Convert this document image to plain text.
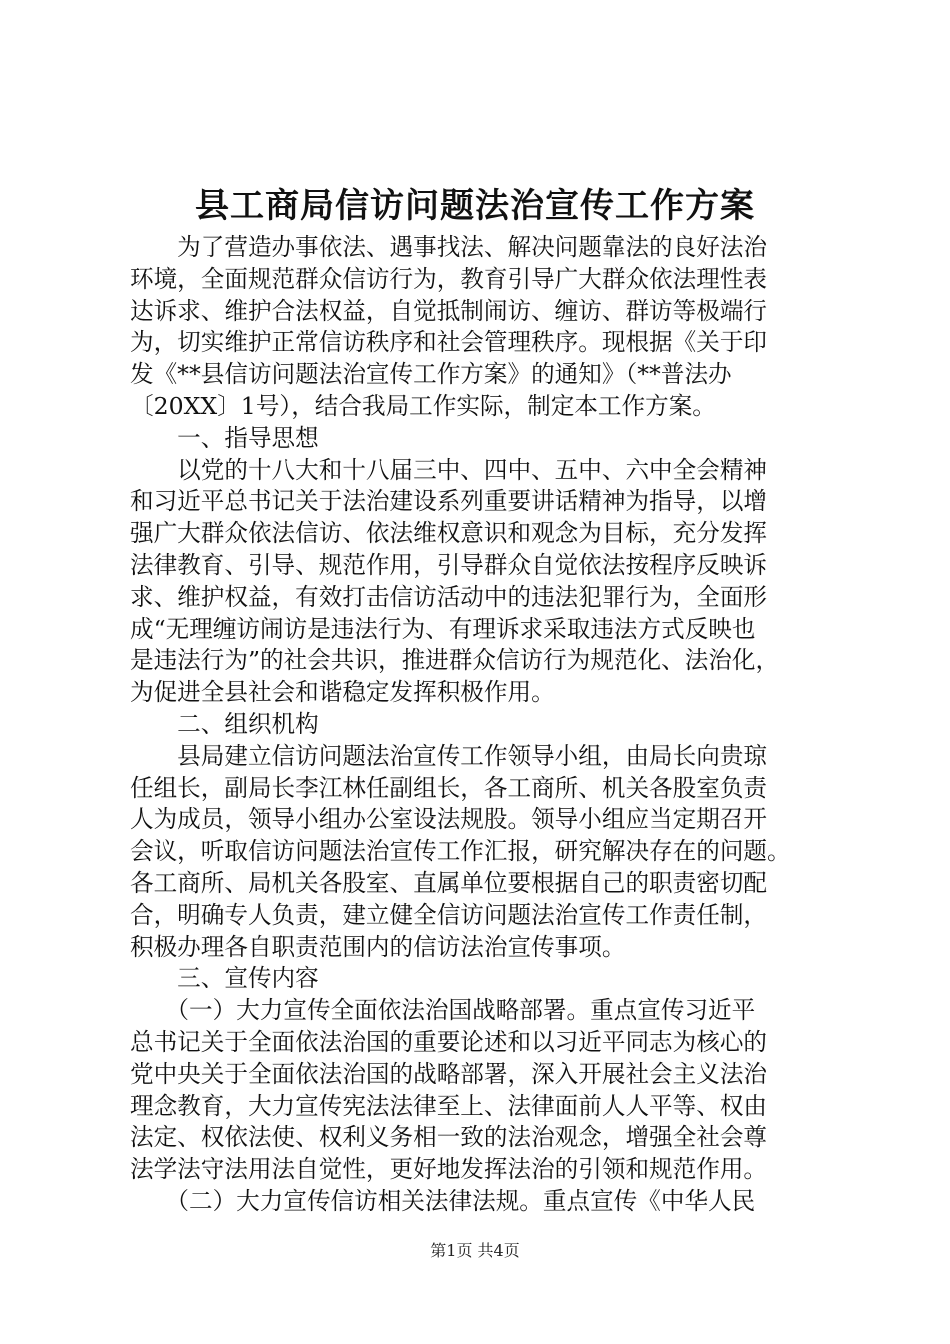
县工商局信访问题法治宣传工作方案
　　为了营造办事依法、遇事找法、解决问题靠法的良好法治
环境，全面规范群众信访行为，教育引导广大群众依法理性表
达诉求、维护合法权益，自觉抵制闹访、缠访、群访等极端行
为，切实维护正常信访秩序和社会管理秩序。现根据《关于印
发《**县信访问题法治宣传工作方案》的通知》（**普法办
〔20XX〕1号），结合我局工作实际，制定本工作方案。
　　一、指导思想
　　以党的十八大和十八届三中、四中、五中、六中全会精神
和习近平总书记关于法治建设系列重要讲话精神为指导，以增
强广大群众依法信访、依法维权意识和观念为目标，充分发挥
法律教育、引导、规范作用，引导群众自觉依法按程序反映诉
求、维护权益，有效打击信访活动中的违法犯罪行为，全面形
成“无理缠访闹访是违法行为、有理诉求采取违法方式反映也
是违法行为”的社会共识，推进群众信访行为规范化、法治化，
为促进全县社会和谐稳定发挥积极作用。
　　二、组织机构
　　县局建立信访问题法治宣传工作领导小组，由局长向贵琼
任组长，副局长李江林任副组长，各工商所、机关各股室负责
人为成员，领导小组办公室设法规股。领导小组应当定期召开
会议，听取信访问题法治宣传工作汇报，研究解决存在的问题。
各工商所、局机关各股室、直属单位要根据自己的职责密切配
合，明确专人负责，建立健全信访问题法治宣传工作责任制，
积极办理各自职责范围内的信访法治宣传事项。
　　三、宣传内容
　　（一）大力宣传全面依法治国战略部署。重点宣传习近平
总书记关于全面依法治国的重要论述和以习近平同志为核心的
党中央关于全面依法治国的战略部署，深入开展社会主义法治
理念教育，大力宣传宪法法律至上、法律面前人人平等、权由
法定、权依法使、权利义务相一致的法治观念，增强全社会尊
法学法守法用法自觉性，更好地发挥法治的引领和规范作用。
　　（二）大力宣传信访相关法律法规。重点宣传《中华人民
第1页 共4页
